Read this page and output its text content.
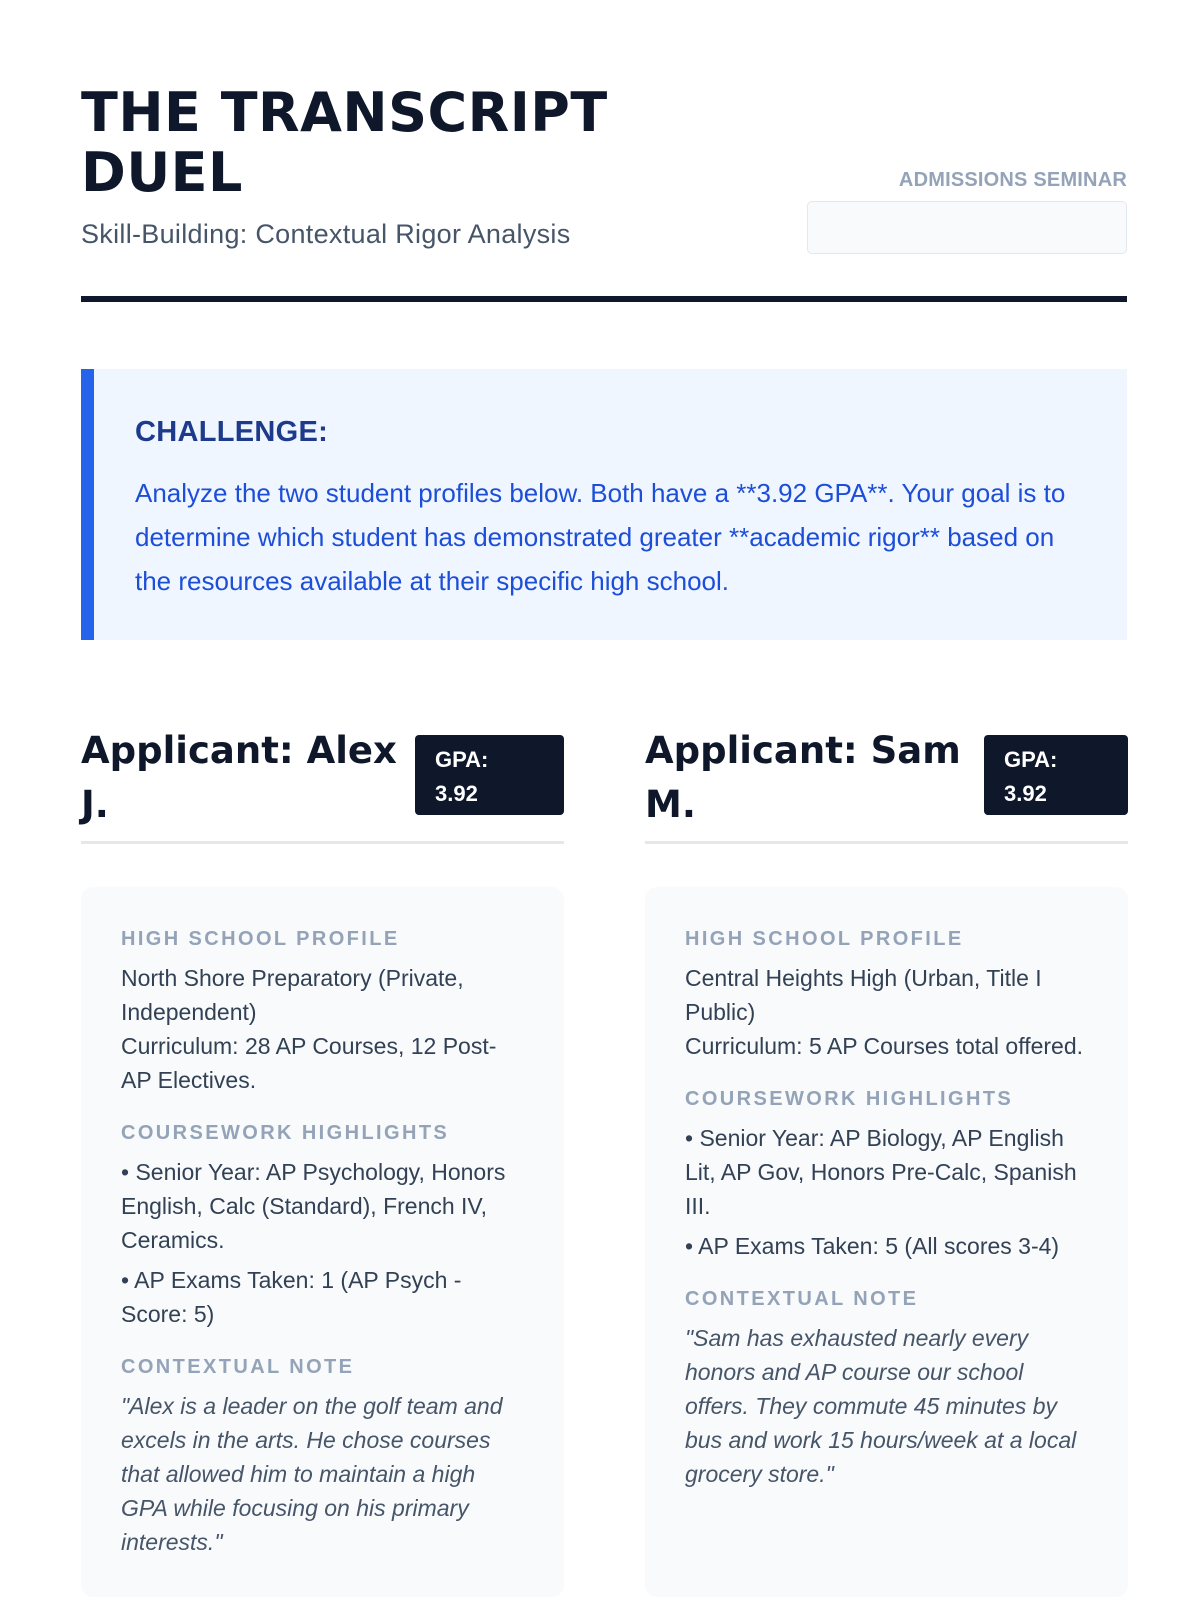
THE TRANSCRIPT DUEL
Skill-Building: Contextual Rigor Analysis
ADMISSIONS SEMINAR
CHALLENGE:
Analyze the two student profiles below. Both have a **3.92 GPA**. Your goal is to determine which student has demonstrated greater **academic rigor** based on the resources available at their specific high school.
Applicant: Alex J.
GPA:
3.92
HIGH SCHOOL PROFILE
North Shore Preparatory (Private, Independent)
Curriculum: 28 AP Courses, 12 Post-AP Electives.
COURSEWORK HIGHLIGHTS
• Senior Year: AP Psychology, Honors English, Calc (Standard), French IV, Ceramics.
• AP Exams Taken: 1 (AP Psych - Score: 5)
CONTEXTUAL NOTE
"Alex is a leader on the golf team and excels in the arts. He chose courses that allowed him to maintain a high GPA while focusing on his primary interests."
Applicant: Sam M.
GPA:
3.92
HIGH SCHOOL PROFILE
Central Heights High (Urban, Title I Public)
Curriculum: 5 AP Courses total offered.
COURSEWORK HIGHLIGHTS
• Senior Year: AP Biology, AP English Lit, AP Gov, Honors Pre-Calc, Spanish III.
• AP Exams Taken: 5 (All scores 3-4)
CONTEXTUAL NOTE
"Sam has exhausted nearly every honors and AP course our school offers. They commute 45 minutes by bus and work 15 hours/week at a local grocery store."
